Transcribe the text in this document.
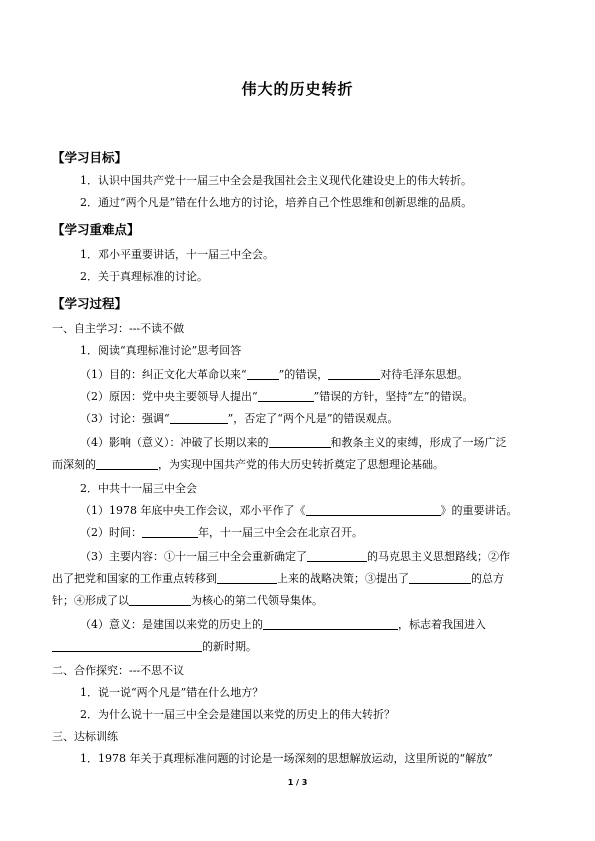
伟大的历史转折
【学习目标】
1．认识中国共产党十一届三中全会是我国社会主义现代化建设史上的伟大转折。
2．通过“两个凡是”错在什么地方的讨论，培养自己个性思维和创新思维的品质。
【学习重难点】
1．邓小平重要讲话，十一届三中全会。
2．关于真理标准的讨论。
【学习过程】
一、自主学习：---不读不做
1．阅读“真理标准讨论”思考回答
（1）目的：纠正文化大革命以来“	”的错误，	对待毛泽东思想。
（2）原因：党中央主要领导人提出“	”错误的方针，坚持“左”的错误。
（3）讨论：强调“	”，否定了“两个凡是”的错误观点。
（4）影响（意义）：冲破了长期以来的	和教条主义的束缚，形成了一场广泛
而深刻的	，为实现中国共产党的伟大历史转折奠定了思想理论基础。
2．中共十一届三中全会
（1）1978 年底中央工作会议，邓小平作了《	》的重要讲话。
（2）时间：	年，十一届三中全会在北京召开。
（3）主要内容：①十一届三中全会重新确定了	的马克思主义思想路线；②作
出了把党和国家的工作重点转移到	上来的战略决策；③提出了	的总方
针；④形成了以	为核心的第二代领导集体。
（4）意义：是建国以来党的历史上的	，标志着我国进入
的新时期。
二、合作探究：---不思不议
1．说一说“两个凡是”错在什么地方？
2．为什么说十一届三中全会是建国以来党的历史上的伟大转折？
三、达标训练
1．1978 年关于真理标准问题的讨论是一场深刻的思想解放运动，这里所说的“解放”
1 / 3
